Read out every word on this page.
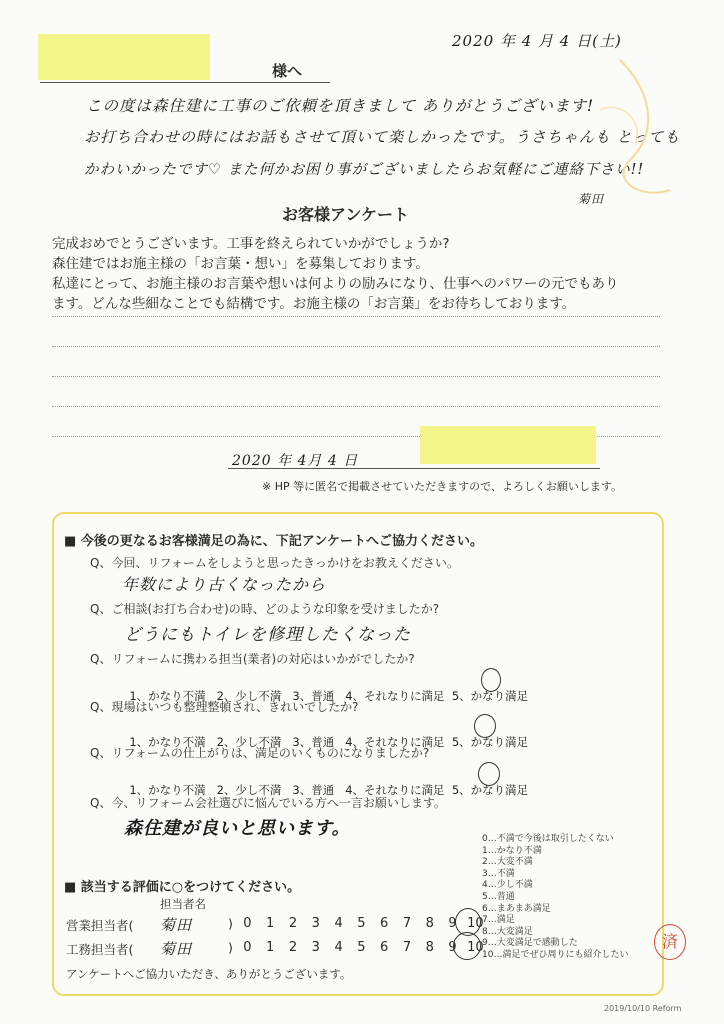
2020 年 4 月 4 日(土)
様へ
この度は森住建に工事のご依頼を頂きまして ありがとうございます!
お打ち合わせの時にはお話もさせて頂いて楽しかったです。うさちゃんも とっても
かわいかったです♡ また何かお困り事がございましたらお気軽にご連絡下さい!!
菊田
お客様アンケート
完成おめでとうございます。工事を終えられていかがでしょうか?
森住建ではお施主様の「お言葉・想い」を募集しております。
私達にとって、お施主様のお言葉や想いは何よりの励みになり、仕事へのパワーの元でもあり
ます。どんな些細なことでも結構です。お施主様の「お言葉」をお待ちしております。
2020 年 4月 4 日
※ HP 等に匿名で掲載させていただきますので、よろしくお願いします。
■ 今後の更なるお客様満足の為に、下記アンケートへご協力ください。
Q、今回、リフォームをしようと思ったきっかけをお教えください。
年数により古くなったから
Q、ご相談(お打ち合わせ)の時、どのような印象を受けましたか?
どうにもトイレを修理したくなった
Q、リフォームに携わる担当(業者)の対応はいかがでしたか?

1、かなり不満 2、少し不満 3、普通 4、それなりに満足 5、かなり満足

Q、現場はいつも整理整頓され、きれいでしたか?

1、かなり不満 2、少し不満 3、普通 4、それなりに満足 5、かなり満足

Q、リフォームの仕上がりは、満足のいくものになりましたか?

1、かなり不満 2、少し不満 3、普通 4、それなりに満足 5、かなり満足

Q、今、リフォーム会社選びに悩んでいる方へ一言お願いします。
森住建が良いと思います。
■ 該当する評価に○をつけてください。
担当者名
営業担当者( 菊田	) 0 1 2 3 4 5 6 7 8 9 10
工務担当者( 菊田	) 0 1 2 3 4 5 6 7 8 9 10
アンケートへご協力いただき、ありがとうございます。
0…不満で今後は取引したくない
1…かなり不満
2…大変不満
3…不満
4…少し不満
5…普通
6…まあまあ満足
7…満足
8…大変満足
9…大変満足で感動した
10…満足でぜひ周りにも紹介したい
済
2019/10/10 Reform
